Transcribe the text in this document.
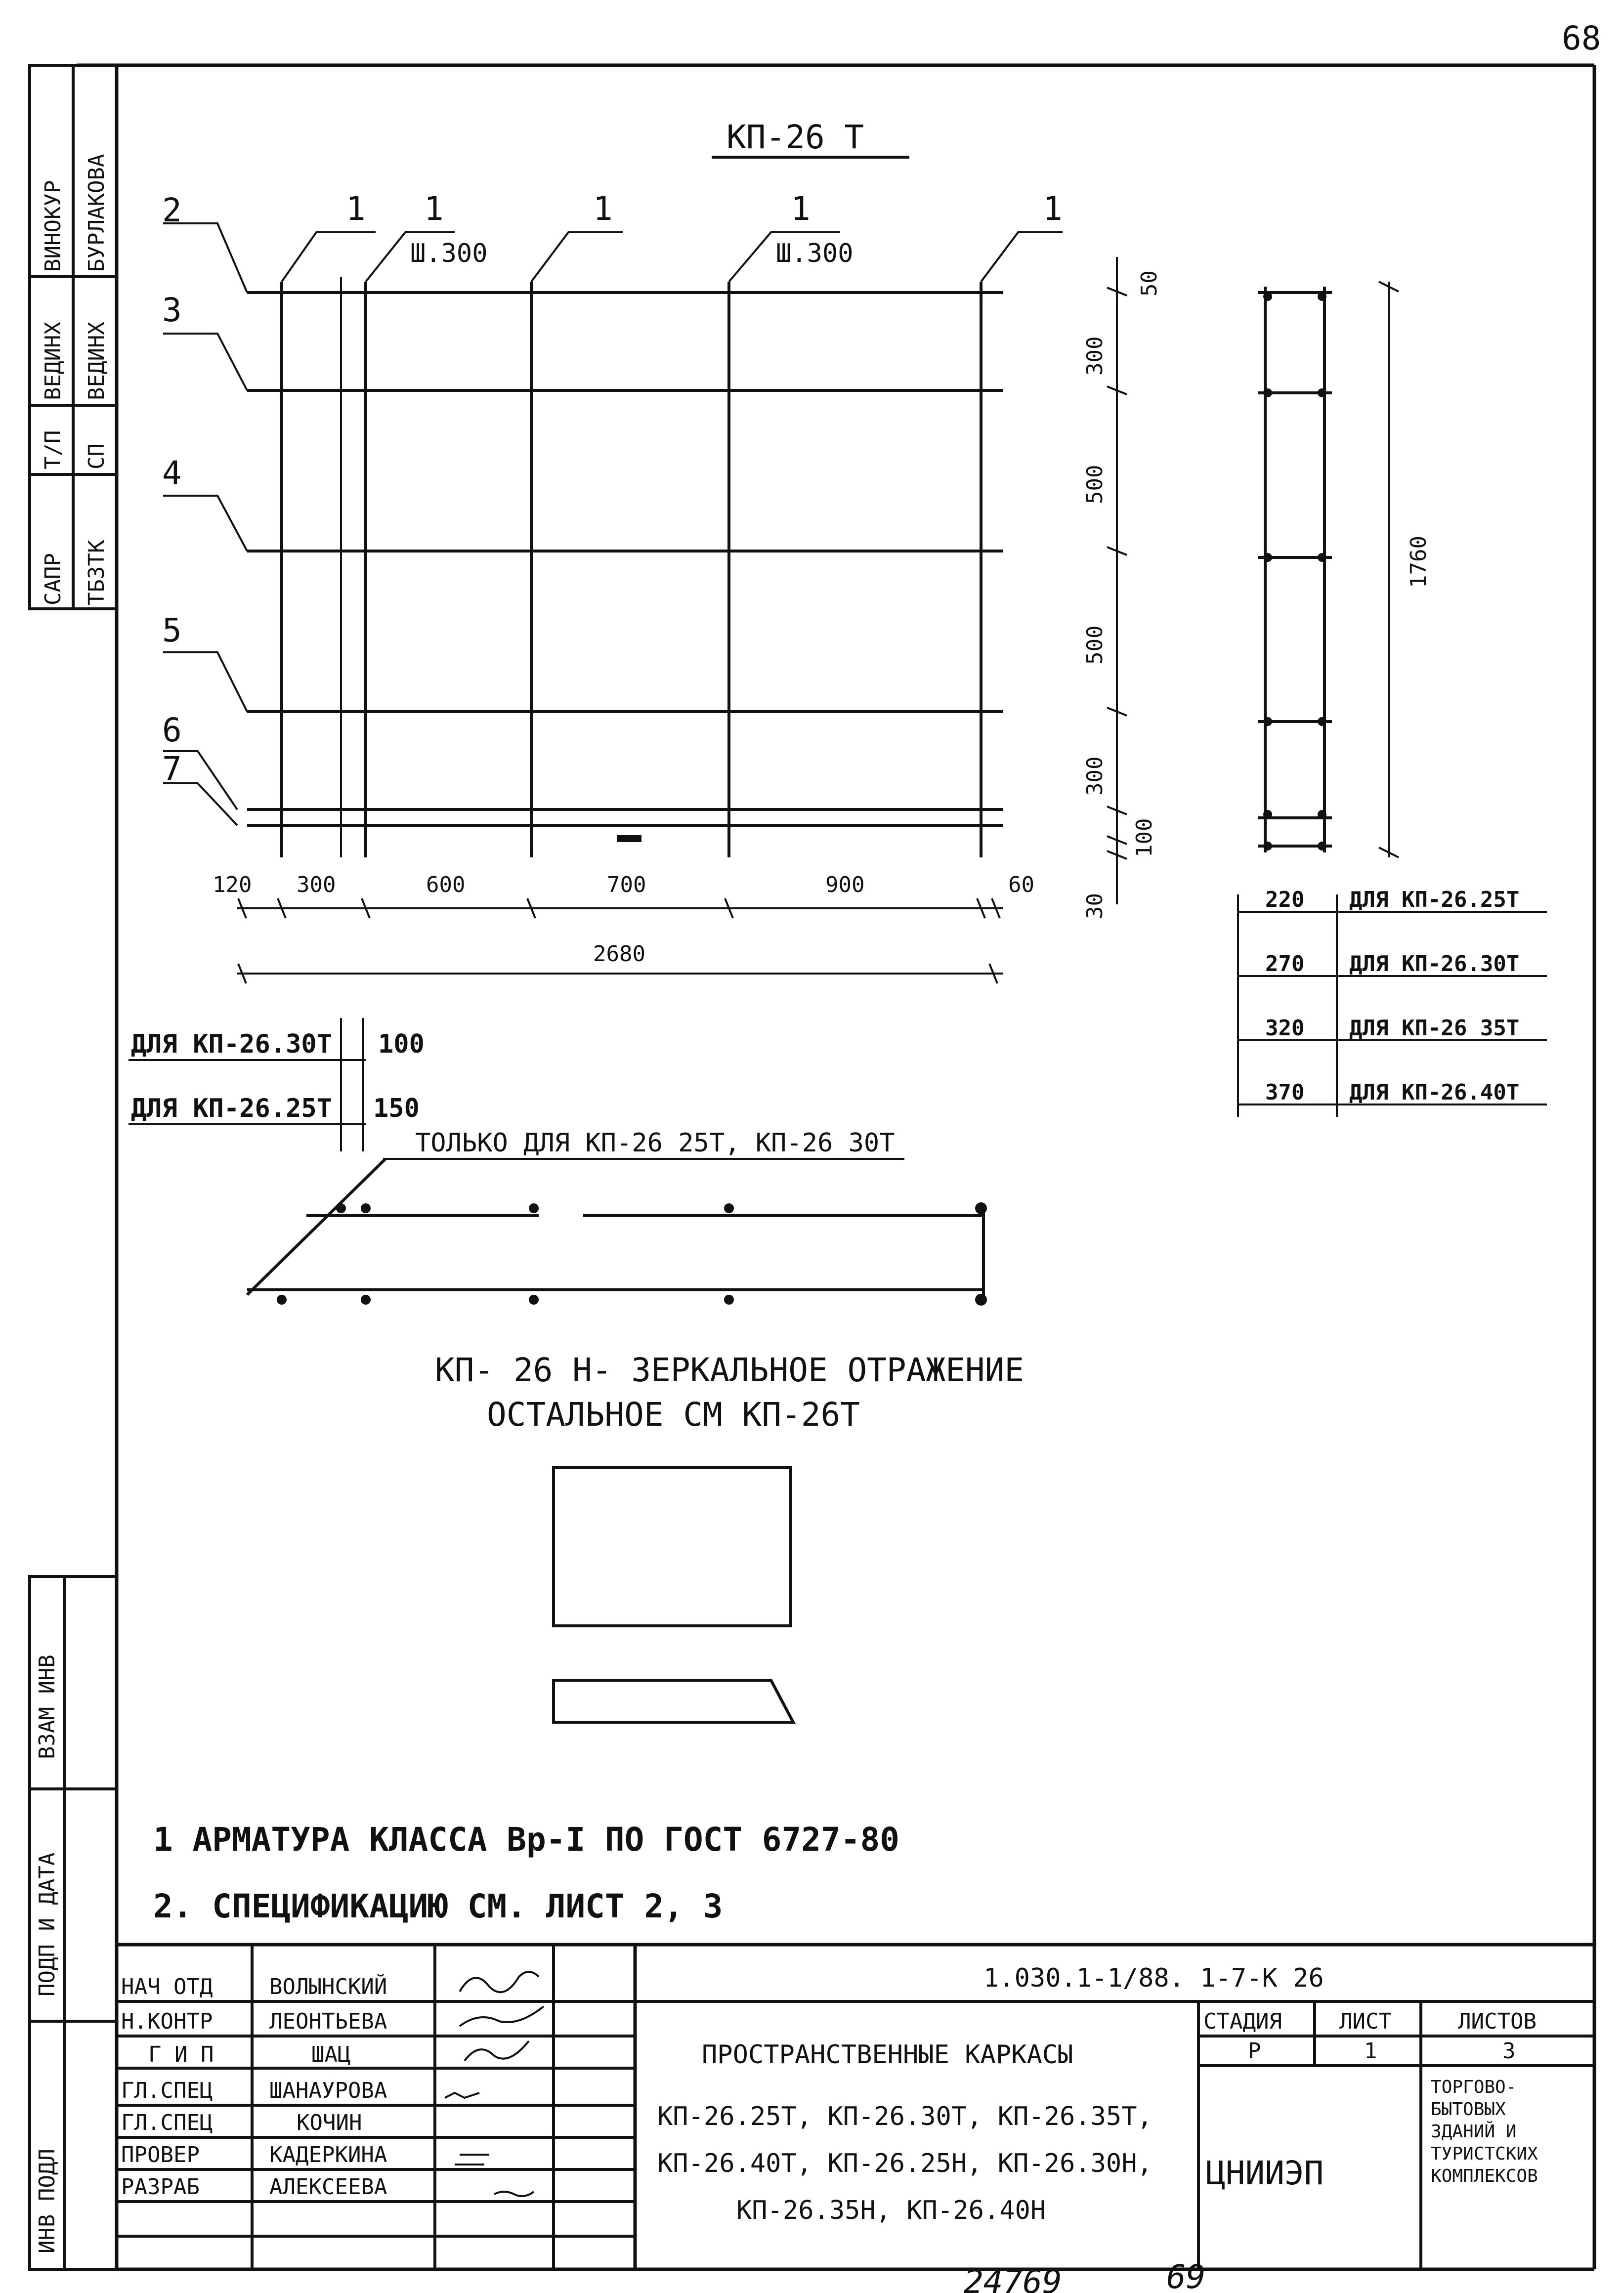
САПР ТБЗТК
Т/П СП
ВЕДИНХ ВЕДИНХ
ВИНОКУР БУРЛАКОВА
ВЗАМ ИНВ
ПОДП И ДАТА
ИНВ ПОДЛ
68
КП-26 Т
2
3
4
5
6
7
1 1	1	1	1
Ш.300	Ш.300
120 300	600	700	900	60
2680
50
300
500
500
300
100
30
1760
220 ДЛЯ КП-26.25Т
270 ДЛЯ КП-26.30Т
320 ДЛЯ КП-26 35Т
370 ДЛЯ КП-26.40Т
ДЛЯ КП-26.30Т 100
ДЛЯ КП-26.25Т 150
ТОЛЬКО ДЛЯ КП-26 25Т, КП-26 30Т
КП- 26 Н- ЗЕРКАЛЬНОЕ ОТРАЖЕНИЕ
ОСТАЛЬНОЕ СМ КП-26Т
1 АРМАТУРА КЛАССА Вр-I ПО ГОСТ 6727-80
2. СПЕЦИФИКАЦИЮ СМ. ЛИСТ 2, 3
1.030.1-1/88. 1-7-К 26
НАЧ ОТД	ВОЛЫНСКИЙ
Н.КОНТР	ЛЕОНТЬЕВА
Г И П	ШАЦ
ГЛ.СПЕЦ	ШАНАУРОВА
ГЛ.СПЕЦ	КОЧИН
ПРОВЕР	КАДЕРКИНА
РАЗРАБ	АЛЕКСЕЕВА
ПРОСТРАНСТВЕННЫЕ КАРКАСЫ
КП-26.25Т, КП-26.30Т, КП-26.35Т,
КП-26.40Т, КП-26.25Н, КП-26.30Н,
КП-26.35Н, КП-26.40Н
СТАДИЯ	ЛИСТ	ЛИСТОВ
Р	1	3
ЦНИИЭП
ТОРГОВО-
БЫТОВЫХ
ЗДАНИЙ И
ТУРИСТСКИХ
КОМПЛЕКСОВ
24769	69
